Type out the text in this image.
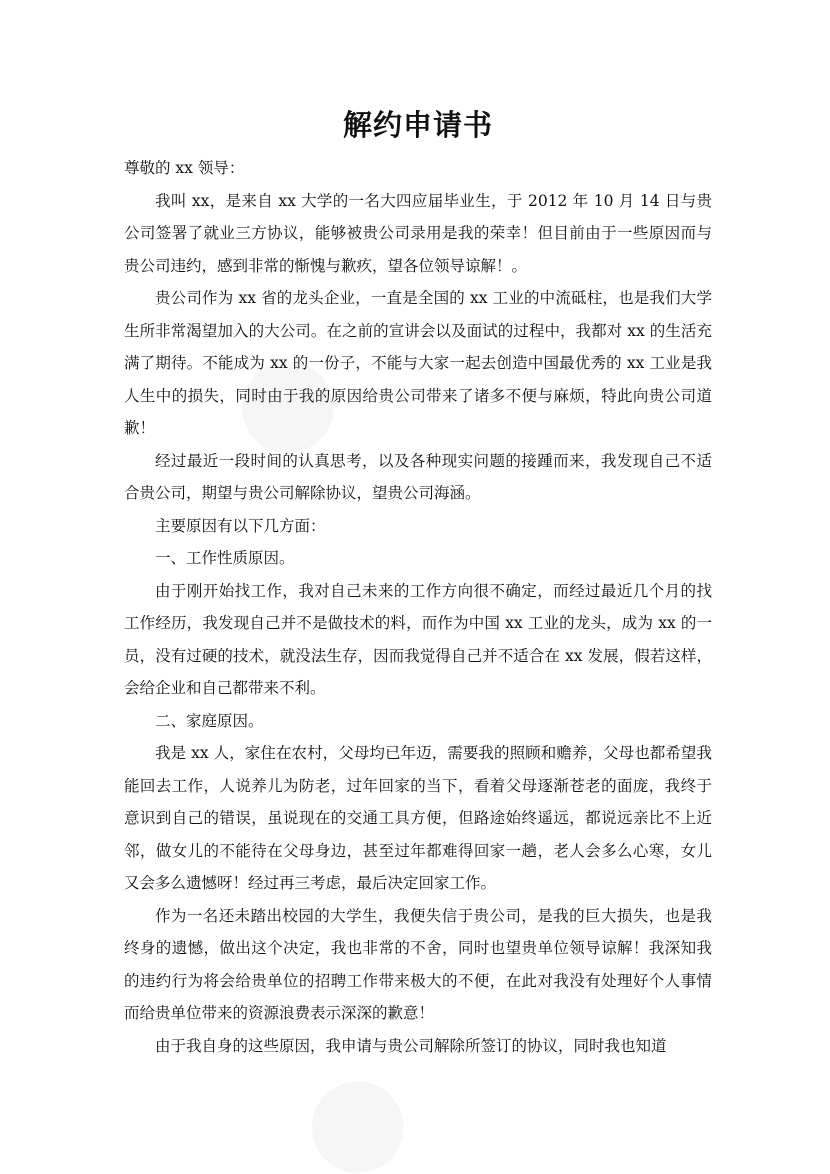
解约申请书

尊敬的 xx 领导：

我叫 xx，是来自 xx 大学的一名大四应届毕业生，于 2012 年 10 月 14 日与贵公司签署了就业三方协议，能够被贵公司录用是我的荣幸！但目前由于一些原因而与贵公司违约，感到非常的惭愧与歉疚，望各位领导谅解！。

贵公司作为 xx 省的龙头企业，一直是全国的 xx 工业的中流砥柱，也是我们大学生所非常渴望加入的大公司。在之前的宣讲会以及面试的过程中，我都对 xx 的生活充满了期待。不能成为 xx 的一份子，不能与大家一起去创造中国最优秀的 xx 工业是我人生中的损失，同时由于我的原因给贵公司带来了诸多不便与麻烦，特此向贵公司道歉！

经过最近一段时间的认真思考，以及各种现实问题的接踵而来，我发现自己不适合贵公司，期望与贵公司解除协议，望贵公司海涵。

主要原因有以下几方面：

一、工作性质原因。

由于刚开始找工作，我对自己未来的工作方向很不确定，而经过最近几个月的找工作经历，我发现自己并不是做技术的料，而作为中国 xx 工业的龙头，成为 xx 的一员，没有过硬的技术，就没法生存，因而我觉得自己并不适合在 xx 发展，假若这样，会给企业和自己都带来不利。

二、家庭原因。

我是 xx 人，家住在农村，父母均已年迈，需要我的照顾和赡养，父母也都希望我能回去工作，人说养儿为防老，过年回家的当下，看着父母逐渐苍老的面庞，我终于意识到自己的错误，虽说现在的交通工具方便，但路途始终遥远，都说远亲比不上近邻，做女儿的不能待在父母身边，甚至过年都难得回家一趟，老人会多么心寒，女儿又会多么遗憾呀！经过再三考虑，最后决定回家工作。

作为一名还未踏出校园的大学生，我便失信于贵公司，是我的巨大损失，也是我终身的遗憾，做出这个决定，我也非常的不舍，同时也望贵单位领导谅解！我深知我的违约行为将会给贵单位的招聘工作带来极大的不便，在此对我没有处理好个人事情而给贵单位带来的资源浪费表示深深的歉意！

由于我自身的这些原因，我申请与贵公司解除所签订的协议，同时我也知道
